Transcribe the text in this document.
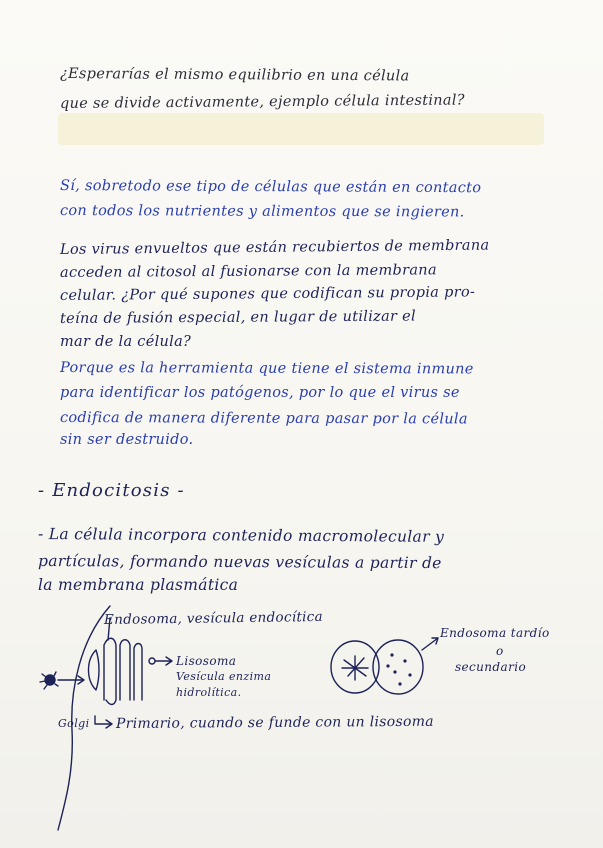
¿Esperarías el mismo equilibrio en una célula
que se divide activamente, ejemplo célula intestinal?
Sí, sobretodo ese tipo de células que están en contacto
con todos los nutrientes y alimentos que se ingieren.
Los virus envueltos que están recubiertos de membrana
acceden al citosol al fusionarse con la membrana
celular. ¿Por qué supones que codifican su propia pro-
teína de fusión especial, en lugar de utilizar el
mar de la célula?
Porque es la herramienta que tiene el sistema inmune
para identificar los patógenos, por lo que el virus se
codifica de manera diferente para pasar por la célula
sin ser destruido.
- Endocitosis -
- La célula incorpora contenido macromolecular y
partículas, formando nuevas vesículas a partir de
la membrana plasmática
Endosoma, vesícula endocítica
Endosoma tardío
o
secundario
Lisosoma
Vesícula enzima
hidrolítica.
Golgi Primario, cuando se funde con un lisosoma
